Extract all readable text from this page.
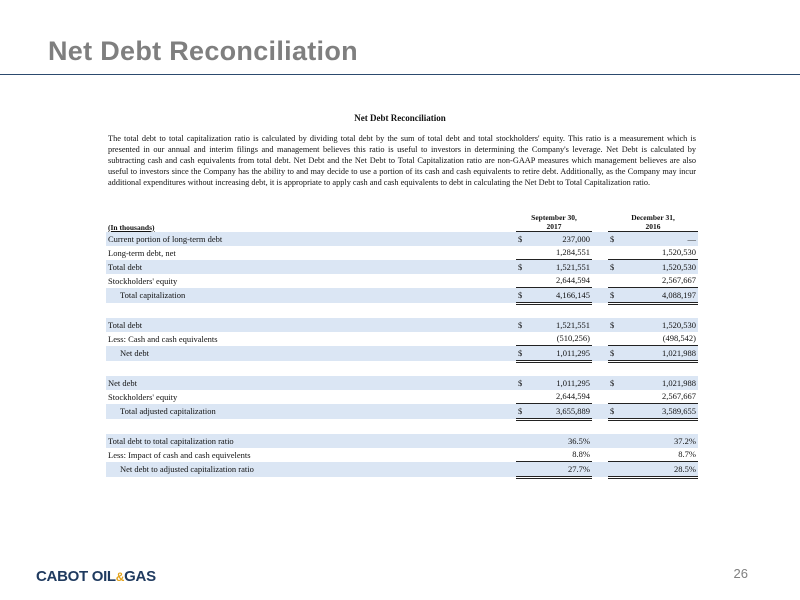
Net Debt Reconciliation
Net Debt Reconciliation

The total debt to total capitalization ratio is calculated by dividing total debt by the sum of total debt and total stockholders' equity. This ratio is a measurement which is presented in our annual and interim filings and management believes this ratio is useful to investors in determining the Company's leverage. Net Debt is calculated by subtracting cash and cash equivalents from total debt. Net Debt and the Net Debt to Total Capitalization ratio are non-GAAP measures which management believes are also useful to investors since the Company has the ability to and may decide to use a portion of its cash and cash equivalents to retire debt. Additionally, as the Company may incur additional expenditures without increasing debt, it is appropriate to apply cash and cash equivalents to debt in calculating the Net Debt to Total Capitalization ratio.

(In thousands)	September 30,
2017			December 31,
2016	
Current portion of long-term debt	$	237,000		$	—
Long-term debt, net		1,284,551			1,520,530
Total debt	$	1,521,551		$	1,520,530
Stockholders' equity		2,644,594			2,567,667
Total capitalization	$	4,166,145		$	4,088,197

Total debt	$	1,521,551		$	1,520,530
Less: Cash and cash equivalents		(510,256)			(498,542)
Net debt	$	1,011,295		$	1,021,988

Net debt	$	1,011,295		$	1,021,988
Stockholders' equity		2,644,594			2,567,667
Total adjusted capitalization	$	3,655,889		$	3,589,655

Total debt to total capitalization ratio		36.5%			37.2%
Less: Impact of cash and cash equivelents		8.8%			8.7%
Net debt to adjusted capitalization ratio		27.7%			28.5%
CABOT OIL&GAS	26
